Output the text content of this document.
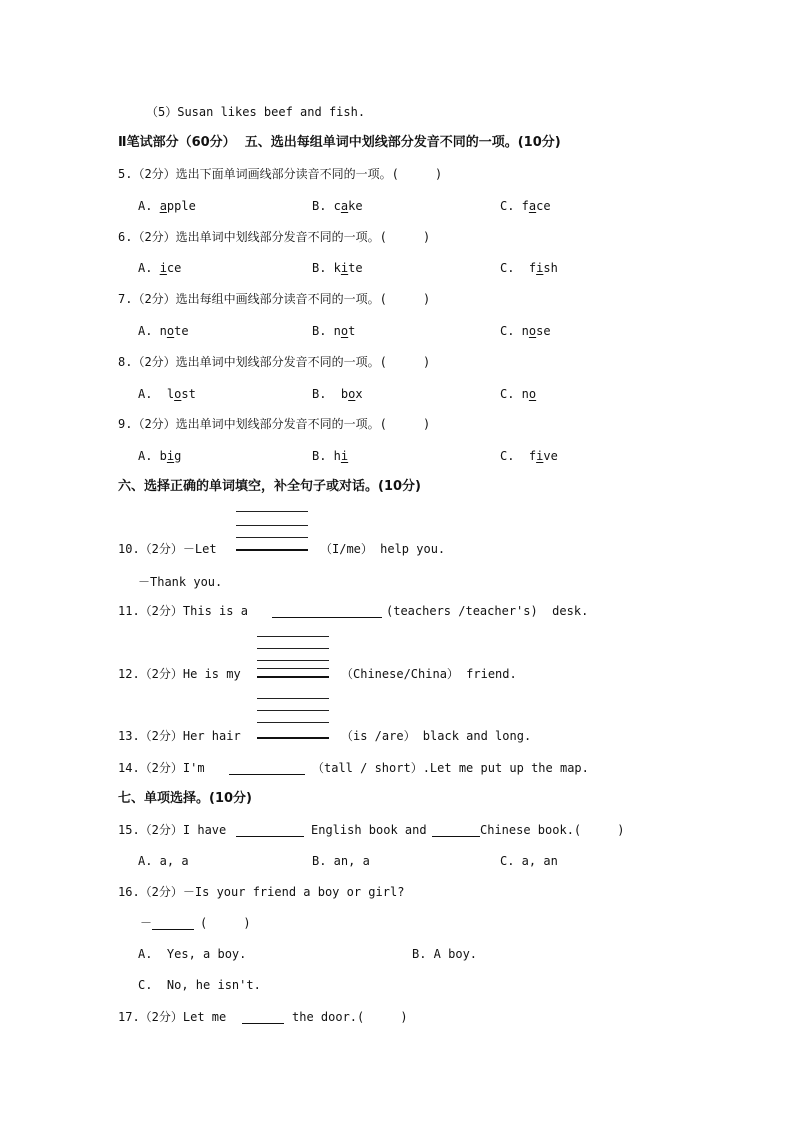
（5）Susan likes beef and fish.
Ⅱ笔试部分（60分）  五、选出每组单词中划线部分发音不同的一项。(10分)
5.（2分）选出下面单词画线部分读音不同的一项。(     )
A. apple	B. cake	C. face
6.（2分）选出单词中划线部分发音不同的一项。(     )
A. ice	B. kite	C.  fish
7.（2分）选出每组中画线部分读音不同的一项。(     )
A. note	B. not	C. nose
8.（2分）选出单词中划线部分发音不同的一项。(     )
A.  lost	B.  box	C. no
9.（2分）选出单词中划线部分发音不同的一项。(     )
A. big	B. hi	C.  five
六、选择正确的单词填空，补全句子或对话。(10分)
10.（2分）－Let	（I/me） help you.
－Thank you.
11.（2分）This is a	(teachers /teacher's)  desk.
12.（2分）He is my	（Chinese/China） friend.
13.（2分）Her hair	（is /are） black and long.
14.（2分）I'm	（tall / short）.Let me put up the map.
七、单项选择。(10分)
15.（2分）I have	English book and	Chinese book.(     )
A. a, a	B. an, a	C. a, an
16.（2分）－Is your friend a boy or girl?
－	(     )
A.  Yes, a boy.	B. A boy.
C.  No, he isn't.
17.（2分）Let me	the door.(     )
